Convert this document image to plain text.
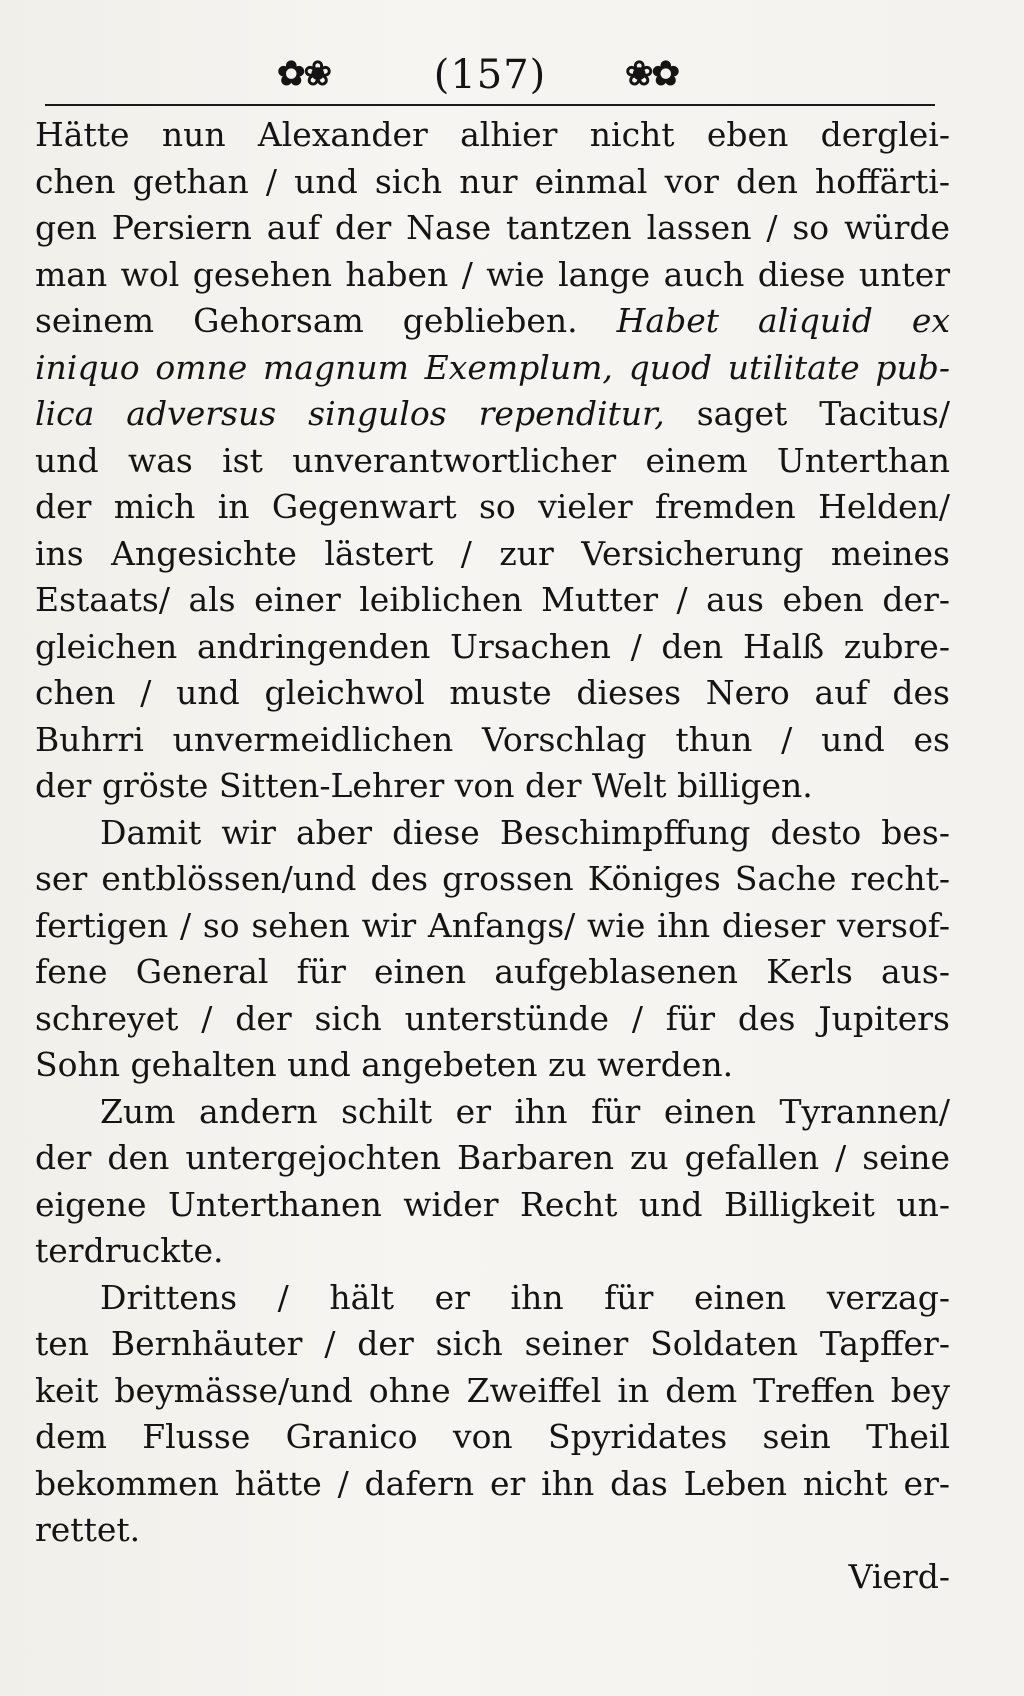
✿❀	(157)	❀✿
Hätte nun Alexander alhier nicht eben derglei-
chen gethan / und sich nur einmal vor den hoffärti-
gen Persiern auf der Nase tantzen lassen / so würde
man wol gesehen haben / wie lange auch diese unter
seinem Gehorsam geblieben. Habet aliquid ex
iniquo omne magnum Exemplum, quod utilitate pub-
lica adversus singulos rependitur, saget Tacitus/
und was ist unverantwortlicher einem Unterthan
der mich in Gegenwart so vieler fremden Helden/
ins Angesichte lästert / zur Versicherung meines
Estaats/ als einer leiblichen Mutter / aus eben der-
gleichen andringenden Ursachen / den Halß zubre-
chen / und gleichwol muste dieses Nero auf des
Buhrri unvermeidlichen Vorschlag thun / und es
der gröste Sitten-Lehrer von der Welt billigen.
Damit wir aber diese Beschimpffung desto bes-
ser entblössen/und des grossen Königes Sache recht-
fertigen / so sehen wir Anfangs/ wie ihn dieser versof-
fene General für einen aufgeblasenen Kerls aus-
schreyet / der sich unterstünde / für des Jupiters
Sohn gehalten und angebeten zu werden.
Zum andern schilt er ihn für einen Tyrannen/
der den untergejochten Barbaren zu gefallen / seine
eigene Unterthanen wider Recht und Billigkeit un-
terdruckte.
Drittens / hält er ihn für einen verzag-
ten Bernhäuter / der sich seiner Soldaten Tapffer-
keit beymässe/und ohne Zweiffel in dem Treffen bey
dem Flusse Granico von Spyridates sein Theil
bekommen hätte / dafern er ihn das Leben nicht er-
rettet.
Vierd-
